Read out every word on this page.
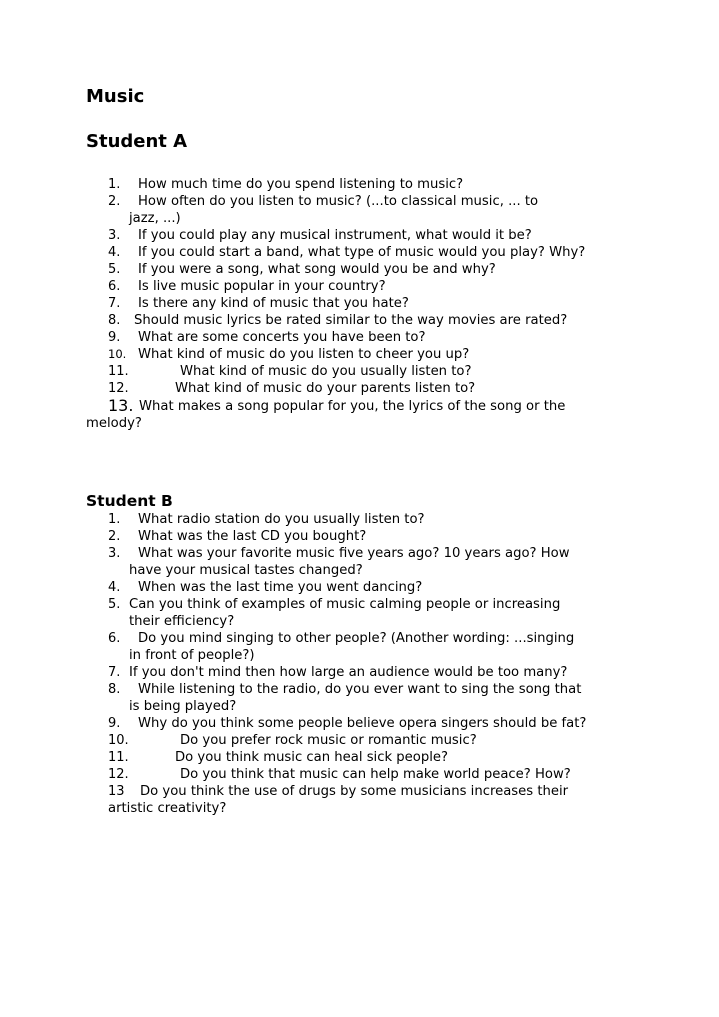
Music
Student A
1. How much time do you spend listening to music?
2. How often do you listen to music? (...to classical music, ... to
jazz, ...)
3. If you could play any musical instrument, what would it be?
4. If you could start a band, what type of music would you play? Why?
5. If you were a song, what song would you be and why?
6. Is live music popular in your country?
7. Is there any kind of music that you hate?
8. Should music lyrics be rated similar to the way movies are rated?
9. What are some concerts you have been to?
10. What kind of music do you listen to cheer you up?
11.	What kind of music do you usually listen to?
12.	What kind of music do your parents listen to?
13. What makes a song popular for you, the lyrics of the song or the
melody?
Student B
1. What radio station do you usually listen to?
2. What was the last CD you bought?
3. What was your favorite music five years ago? 10 years ago? How
have your musical tastes changed?
4. When was the last time you went dancing?
5. Can you think of examples of music calming people or increasing
their efficiency?
6. Do you mind singing to other people? (Another wording: ...singing
in front of people?)
7. If you don't mind then how large an audience would be too many?
8. While listening to the radio, do you ever want to sing the song that
is being played?
9. Why do you think some people believe opera singers should be fat?
10.	Do you prefer rock music or romantic music?
11.	Do you think music can heal sick people?
12.	Do you think that music can help make world peace? How?
13 Do you think the use of drugs by some musicians increases their
artistic creativity?
